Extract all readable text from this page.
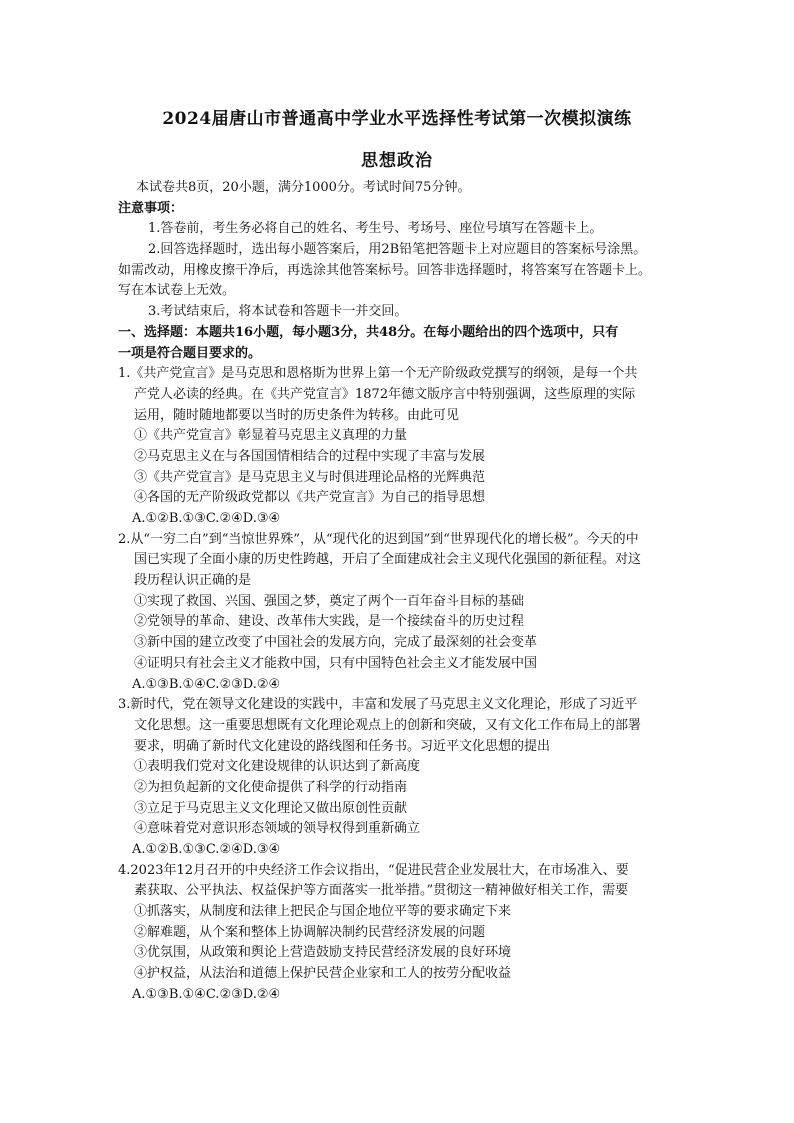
2024届唐山市普通高中学业水平选择性考试第一次模拟演练
思想政治
本试卷共8页，20小题，满分1000分。考试时间75分钟。
注意事项：
1.答卷前，考生务必将自己的姓名、考生号、考场号、座位号填写在答题卡上。
2.回答选择题时，选出每小题答案后，用2B铅笔把答题卡上对应题目的答案标号涂黑。
如需改动，用橡皮擦干净后，再选涂其他答案标号。回答非选择题时，将答案写在答题卡上。
写在本试卷上无效。
3.考试结束后，将本试卷和答题卡一并交回。
一、选择题：本题共16小题，每小题3分，共48分。在每小题给出的四个选项中，只有
一项是符合题目要求的。
1.《共产党宣言》是马克思和恩格斯为世界上第一个无产阶级政党撰写的纲领，是每一个共
产党人必读的经典。在《共产党宣言》1872年德文版序言中特别强调，这些原理的实际
运用，随时随地都要以当时的历史条件为转移。由此可见
①《共产党宣言》彰显着马克思主义真理的力量
②马克思主义在与各国国情相结合的过程中实现了丰富与发展
③《共产党宣言》是马克思主义与时俱进理论品格的光辉典范
④各国的无产阶级政党都以《共产党宣言》为自己的指导思想
A.①②B.①③C.②④D.③④
2.从“一穷二白”到“当惊世界殊”，从“现代化的迟到国”到“世界现代化的增长极”。今天的中
国已实现了全面小康的历史性跨越，开启了全面建成社会主义现代化强国的新征程。对这
段历程认识正确的是
①实现了救国、兴国、强国之梦，奠定了两个一百年奋斗目标的基础
②党领导的革命、建设、改革伟大实践，是一个接续奋斗的历史过程
③新中国的建立改变了中国社会的发展方向，完成了最深刻的社会变革
④证明只有社会主义才能救中国，只有中国特色社会主义才能发展中国
A.①③B.①④C.②③D.②④
3.新时代，党在领导文化建设的实践中，丰富和发展了马克思主义文化理论，形成了习近平
文化思想。这一重要思想既有文化理论观点上的创新和突破，又有文化工作布局上的部署
要求，明确了新时代文化建设的路线图和任务书。习近平文化思想的提出
①表明我们党对文化建设规律的认识达到了新高度
②为担负起新的文化使命提供了科学的行动指南
③立足于马克思主义文化理论又做出原创性贡献
④意味着党对意识形态领域的领导权得到重新确立
A.①②B.①③C.②④D.③④
4.2023年12月召开的中央经济工作会议指出，“促进民营企业发展壮大，在市场准入、要
素获取、公平执法、权益保护等方面落实一批举措。”贯彻这一精神做好相关工作，需要
①抓落实，从制度和法律上把民企与国企地位平等的要求确定下来
②解难题，从个案和整体上协调解决制约民营经济发展的问题
③优氛围，从政策和舆论上营造鼓励支持民营经济发展的良好环境
④护权益，从法治和道德上保护民营企业家和工人的按劳分配收益
A.①③B.①④C.②③D.②④
